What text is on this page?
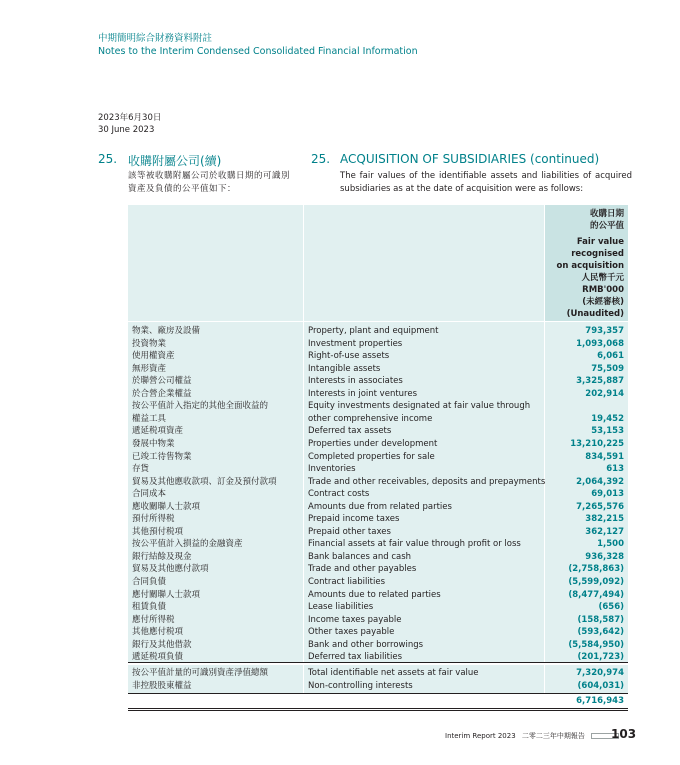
中期簡明綜合財務資料附註
Notes to the Interim Condensed Consolidated Financial Information
2023年6月30日
30 June 2023
25. 收購附屬公司(續)	25. ACQUISITION OF SUBSIDIARIES (continued)
該等被收購附屬公司於收購日期的可識別
資產及負債的公平值如下：
The fair values of the identifiable assets and liabilities of acquired subsidiaries as at the date of acquisition were as follows:
收購日期
的公平值
Fair value
recognised
on acquisition
人民幣千元
RMB'000
(未經審核)
(Unaudited)
物業、廠房及設備	Property, plant and equipment	793,357
投資物業	Investment properties	1,093,068
使用權資產	Right-of-use assets	6,061
無形資產	Intangible assets	75,509
於聯營公司權益	Interests in associates	3,325,887
於合營企業權益	Interests in joint ventures	202,914
按公平值計入指定的其他全面收益的	Equity investments designated at fair value through
權益工具	other comprehensive income	19,452
遞延税項資產	Deferred tax assets	53,153
發展中物業	Properties under development	13,210,225
已竣工待售物業	Completed properties for sale	834,591
存貨	Inventories	613
貿易及其他應收款項、訂金及預付款項	Trade and other receivables, deposits and prepayments	2,064,392
合同成本	Contract costs	69,013
應收關聯人士款項	Amounts due from related parties	7,265,576
預付所得税	Prepaid income taxes	382,215
其他預付税項	Prepaid other taxes	362,127
按公平值計入損益的金融資產	Financial assets at fair value through profit or loss	1,500
銀行結餘及現金	Bank balances and cash	936,328
貿易及其他應付款項	Trade and other payables	(2,758,863)
合同負債	Contract liabilities	(5,599,092)
應付關聯人士款項	Amounts due to related parties	(8,477,494)
租賃負債	Lease liabilities	(656)
應付所得税	Income taxes payable	(158,587)
其他應付税項	Other taxes payable	(593,642)
銀行及其他借款	Bank and other borrowings	(5,584,950)
遞延税項負債	Deferred tax liabilities	(201,723)
按公平值計量的可識別資產淨值總額	Total identifiable net assets at fair value	7,320,974
非控股股東權益	Non-controlling interests	(604,031)
6,716,943
Interim Report 2023 二零二三年中期報告	103
